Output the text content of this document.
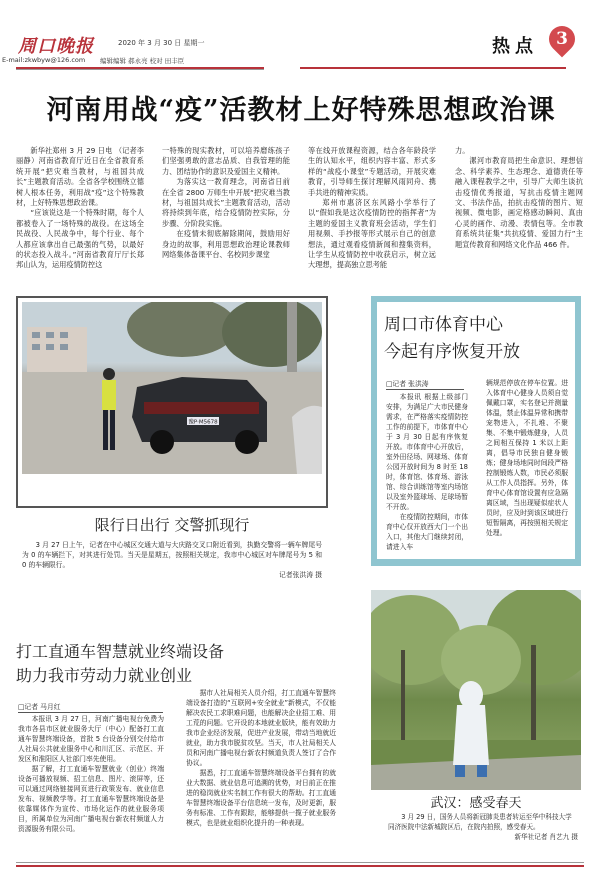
周口晚报	2020 年 3 月 30 日 星期一
E-mail:zkwbyw@126.com 编辑编辑 郝永亮 校对 田丰臣
热点	3
河南用战“疫”活教材上好特殊思想政治课

新华社郑州 3 月 29 日电 （记者李丽静）河南省教育厅近日在全省教育系统开展“把灾难当教材，与祖国共成长”主题教育活动。全省各学校围绕立德树人根本任务，利用战“疫”这个特殊教材，上好特殊思想政治课。

“应该说这是一个特殊时期，每个人都被卷入了一场特殊的战役。在这场全民战役、人民战争中，每个行业、每个人都应该拿出自己最强的气势，以最好的状态投入战斗。”河南省教育厅厅长郑邦山认为，运用疫情防控这

一特殊的现实教材，可以培养磨练孩子们坚强勇敢的意志品质、自我管理的能力、团结协作的意识及爱国主义精神。

为落实这一教育理念，河南省日前在全省 2800 万师生中开展“把灾难当教材，与祖国共成长”主题教育活动，活动将持续到年底，结合疫情防控实际，分步骤、分阶段实施。

在疫情未彻底解除期间，鼓励用好身边的故事，利用思想政治理论课教师网络集体备课平台、名校同步课堂

等在线开放课程资源，结合各年龄段学生的认知水平，组织内容丰富、形式多样的“战疫小课堂”专题活动，开展灾难教育，引导师生探讨理解风雨同舟、携手共进的精神实质。

郑州市惠济区东风路小学举行了以“假如我是这次疫情防控的指挥者”为主题的爱国主义教育班会活动，学生们用视频、手抄报等形式展示自己的创意想法，通过观看疫情新闻和搜集资料，让学生从疫情防控中收获启示，树立远大理想，提高独立思考能

力。

漯河市教育局把生命意识、理想信念、科学素养、生态理念、道德责任等融入课程教学之中，引导广大师生谈抗击疫情优秀报道，写抗击疫情主题网文、书法作品，拍抗击疫情的图片、短视频、微电影，画定格感动瞬间、真由心灵的画作、动漫、表情包等。全市教育系统共征集“共抗疫情、爱国力行”主题宣传教育和网络文化作品 466 件。

豫P·M5678
限行日出行 交警抓现行

3 月 27 日上午，记者在中心城区交通大道与大庆路交叉口附近看到，执勤交警将一辆车牌尾号为 0 的车辆拦下，对其进行处罚。当天是星期五，按照相关规定，我市中心城区对车牌尾号为 5 和 0 的车辆限行。

记者张洪涛 摄
周口市体育中心
今起有序恢复开放
□记者 张洪涛

本报讯 根据上级部门安排，为满足广大市民健身需求，在严格落实疫情防控工作的前提下，市体育中心于 3 月 30 日起有序恢复开放。市体育中心开放后，室外田径场、网球场、体育公园开放时间为 8 时至 18 时，体育馆、体育场、游泳馆、综合训练馆等室内场馆以及室外篮球场、足球场暂不开放。

在疫情防控期间，市体育中心仅开放西大门一个出入口，其他大门继续封闭，请进入车

辆规范停放在停车位置。进入体育中心健身人员须自觉佩戴口罩，实名登记并测量体温，禁止体温异常和携带宠物进入，不扎堆、不聚集、不集中锻炼健身，人员之间相互保持 1 米以上距离，倡导市民独自健身锻炼；健身场地同时间段严格控制锻炼人数，市民必须服从工作人员指挥。另外，体育中心体育馆设置有应急隔离区域，当出现疑似症状人员时，应及时到该区域进行短暂隔离，再按照相关规定处理。

打工直通车智慧就业终端设备
助力我市劳动力就业创业
□记者 马月红

本报讯 3 月 27 日，河南广播电视台免费为我市各县市区就业服务大厅（中心）配备打工直通车智慧终端设备，首批 5 台设备分别交付给市人社局公共就业服务中心和川汇区、示范区、开发区和淮阳区人社部门率先使用。

据了解，打工直通车智慧就业（创业）终端设备可播放视频、招工信息、图片、滚屏等，还可以通过网络链接网页进行政策发布、就业信息发布、视频教学等。打工直通车智慧终端设备是依靠媒体作为宣传、市场化运作的就业服务项目，所属单位为河南广播电视台新农村频道人力资源服务有限公司。

据市人社局相关人员介绍，打工直通车智慧终端设备打造的“互联网+安全就业”新模式，不仅能解决农民工求职难问题，也能解决企业招工难、用工荒的问题。它开设的本地就业版块，能有效助力我市企业经济发展，促进产业发展，带动当地就近就业，助力我市脱贫攻坚。当天，市人社局相关人员和河南广播电视台新农村频道负责人签订了合作协议。

据悉，打工直通车智慧终端设备平台拥有的就业大数据、就业信息可追溯的优势，对日前正在推进的稳岗就业实名制工作有很大的帮助。打工直通车智慧终端设备平台信息统一发布，及时更新，服务有标准、工作有跟踪，能够提供一揽子就业服务模式，也是就业组织化提升的一种表现。

武汉：感受春天

3 月 29 日，国务人员将新冠肺炎患者转运至华中科技大学同济医院中法新城院区后，在院内拍照，感受春天。

新华社记者 肖艺九 摄
